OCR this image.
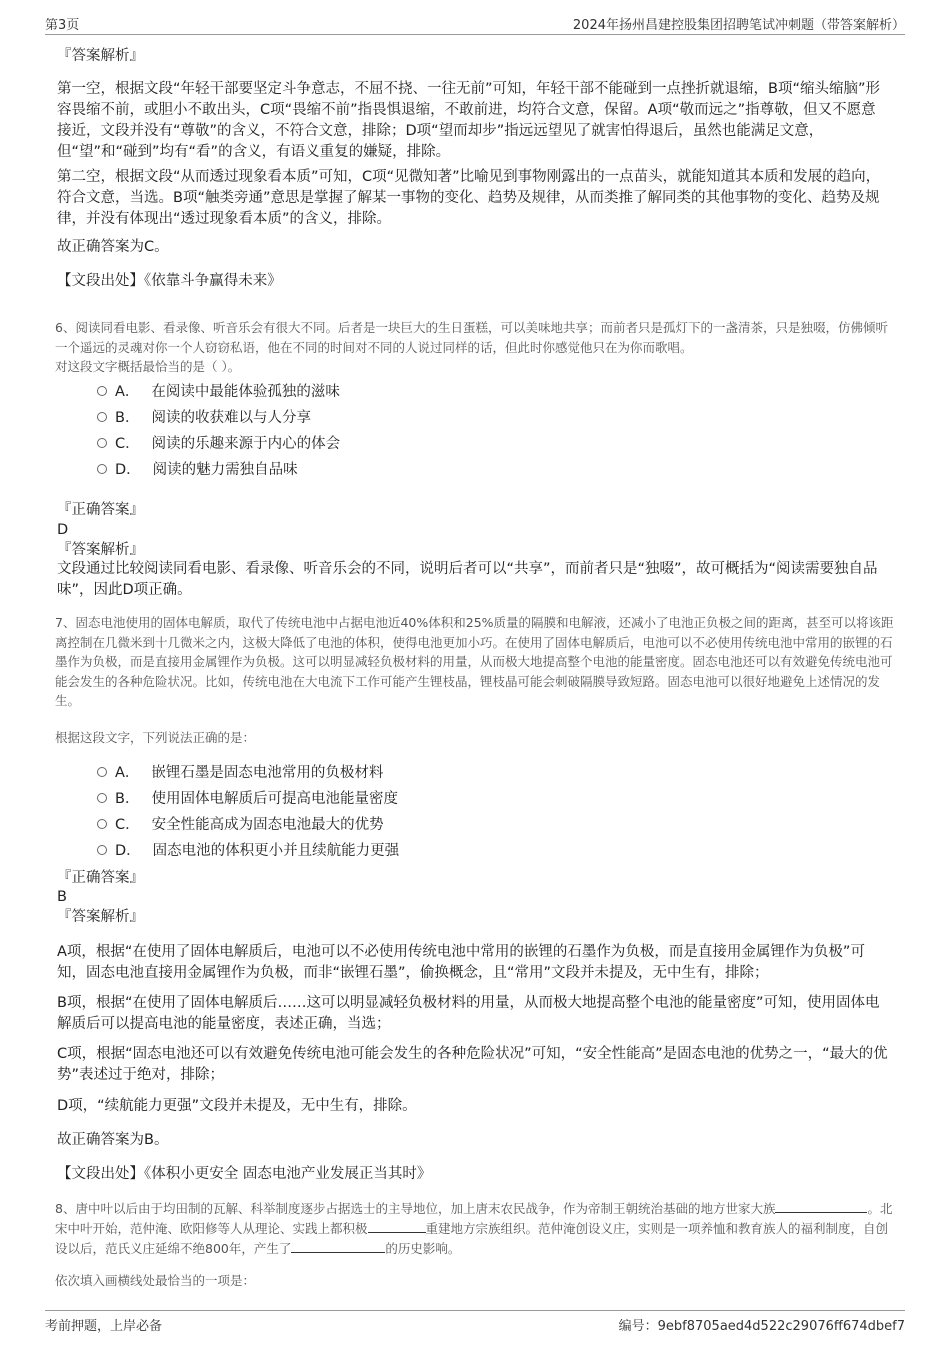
第3页	2024年扬州昌建控股集团招聘笔试冲刺题（带答案解析）

『答案解析』

第一空，根据文段“年轻干部要坚定斗争意志，不屈不挠、一往无前”可知，年轻干部不能碰到一点挫折就退缩，B项“缩头缩脑”形容畏缩不前，或胆小不敢出头，C项“畏缩不前”指畏惧退缩，不敢前进，均符合文意，保留。A项“敬而远之”指尊敬，但又不愿意接近，文段并没有“尊敬”的含义，不符合文意，排除；D项“望而却步”指远远望见了就害怕得退后，虽然也能满足文意，但“望”和“碰到”均有“看”的含义，有语义重复的嫌疑，排除。

第二空，根据文段“从而透过现象看本质”可知，C项“见微知著”比喻见到事物刚露出的一点苗头，就能知道其本质和发展的趋向，符合文意，当选。B项“触类旁通”意思是掌握了解某一事物的变化、趋势及规律，从而类推了解同类的其他事物的变化、趋势及规律，并没有体现出“透过现象看本质”的含义，排除。

故正确答案为C。

【文段出处】《依靠斗争赢得未来》

6、阅读同看电影、看录像、听音乐会有很大不同。后者是一块巨大的生日蛋糕，可以美味地共享；而前者只是孤灯下的一盏清茶，只是独啜，仿佛倾听一个遥远的灵魂对你一个人窃窃私语，他在不同的时间对不同的人说过同样的话，但此时你感觉他只在为你而歌唱。

对这段文字概括最恰当的是（ ）。

A． 在阅读中最能体验孤独的滋味
B． 阅读的收获难以与人分享
C． 阅读的乐趣来源于内心的体会
D． 阅读的魅力需独自品味

『正确答案』

D

『答案解析』

文段通过比较阅读同看电影、看录像、听音乐会的不同，说明后者可以“共享”，而前者只是“独啜”，故可概括为“阅读需要独自品味”，因此D项正确。

7、固态电池使用的固体电解质，取代了传统电池中占据电池近40%体积和25%质量的隔膜和电解液，还减小了电池正负极之间的距离，甚至可以将该距离控制在几微米到十几微米之内，这极大降低了电池的体积，使得电池更加小巧。在使用了固体电解质后，电池可以不必使用传统电池中常用的嵌锂的石墨作为负极，而是直接用金属锂作为负极。这可以明显减轻负极材料的用量，从而极大地提高整个电池的能量密度。固态电池还可以有效避免传统电池可能会发生的各种危险状况。比如，传统电池在大电流下工作可能产生锂枝晶，锂枝晶可能会刺破隔膜导致短路。固态电池可以很好地避免上述情况的发生。

根据这段文字，下列说法正确的是：

A． 嵌锂石墨是固态电池常用的负极材料
B． 使用固体电解质后可提高电池能量密度
C． 安全性能高成为固态电池最大的优势
D． 固态电池的体积更小并且续航能力更强

『正确答案』

B

『答案解析』

A项，根据“在使用了固体电解质后，电池可以不必使用传统电池中常用的嵌锂的石墨作为负极，而是直接用金属锂作为负极”可知，固态电池直接用金属锂作为负极，而非“嵌锂石墨”，偷换概念，且“常用”文段并未提及，无中生有，排除；

B项，根据“在使用了固体电解质后……这可以明显减轻负极材料的用量，从而极大地提高整个电池的能量密度”可知，使用固体电解质后可以提高电池的能量密度，表述正确，当选；

C项，根据“固态电池还可以有效避免传统电池可能会发生的各种危险状况”可知，“安全性能高”是固态电池的优势之一，“最大的优势”表述过于绝对，排除；

D项，“续航能力更强”文段并未提及，无中生有，排除。

故正确答案为B。

【文段出处】《体积小更安全 固态电池产业发展正当其时》

8、唐中叶以后由于均田制的瓦解、科举制度逐步占据选士的主导地位，加上唐末农民战争，作为帝制王朝统治基础的地方世家大族	。北宋中叶开始，范仲淹、欧阳修等人从理论、实践上都积极	重建地方宗族组织。范仲淹创设义庄，实则是一项养恤和教育族人的福利制度，自创设以后，范氏义庄延绵不绝800年，产生了	的历史影响。

依次填入画横线处最恰当的一项是：

考前押题，上岸必备	编号：9ebf8705aed4d522c29076ff674dbef7
